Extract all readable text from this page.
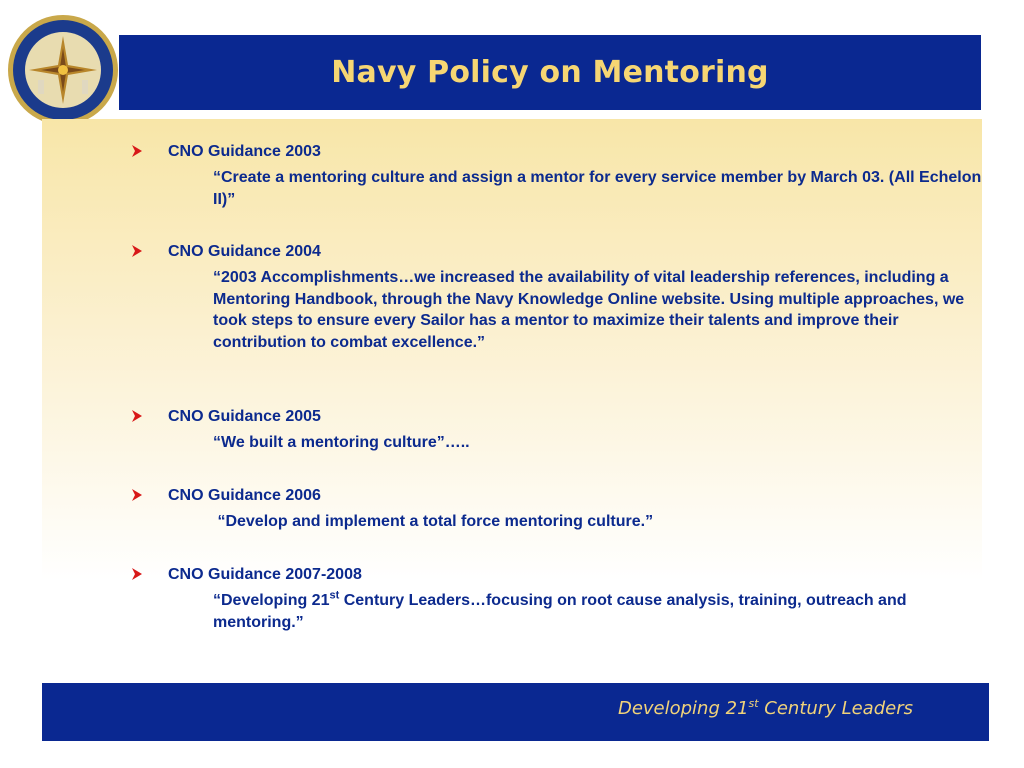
Navy Policy on Mentoring
CNO Guidance 2003
“Create a mentoring culture and assign a mentor for every service member by March 03. (All Echelon II)”
CNO Guidance 2004
“2003 Accomplishments…we increased the availability of vital leadership references, including a Mentoring Handbook, through the Navy Knowledge Online website. Using multiple approaches, we took steps to ensure every Sailor has a mentor to maximize their talents and improve their contribution to combat excellence.”
CNO Guidance 2005
“We built a mentoring culture”…..
CNO Guidance 2006
“Develop and implement a total force mentoring culture.”
CNO Guidance 2007-2008
“Developing 21st Century Leaders…focusing on root cause analysis, training, outreach and mentoring.”
Developing 21st Century Leaders
